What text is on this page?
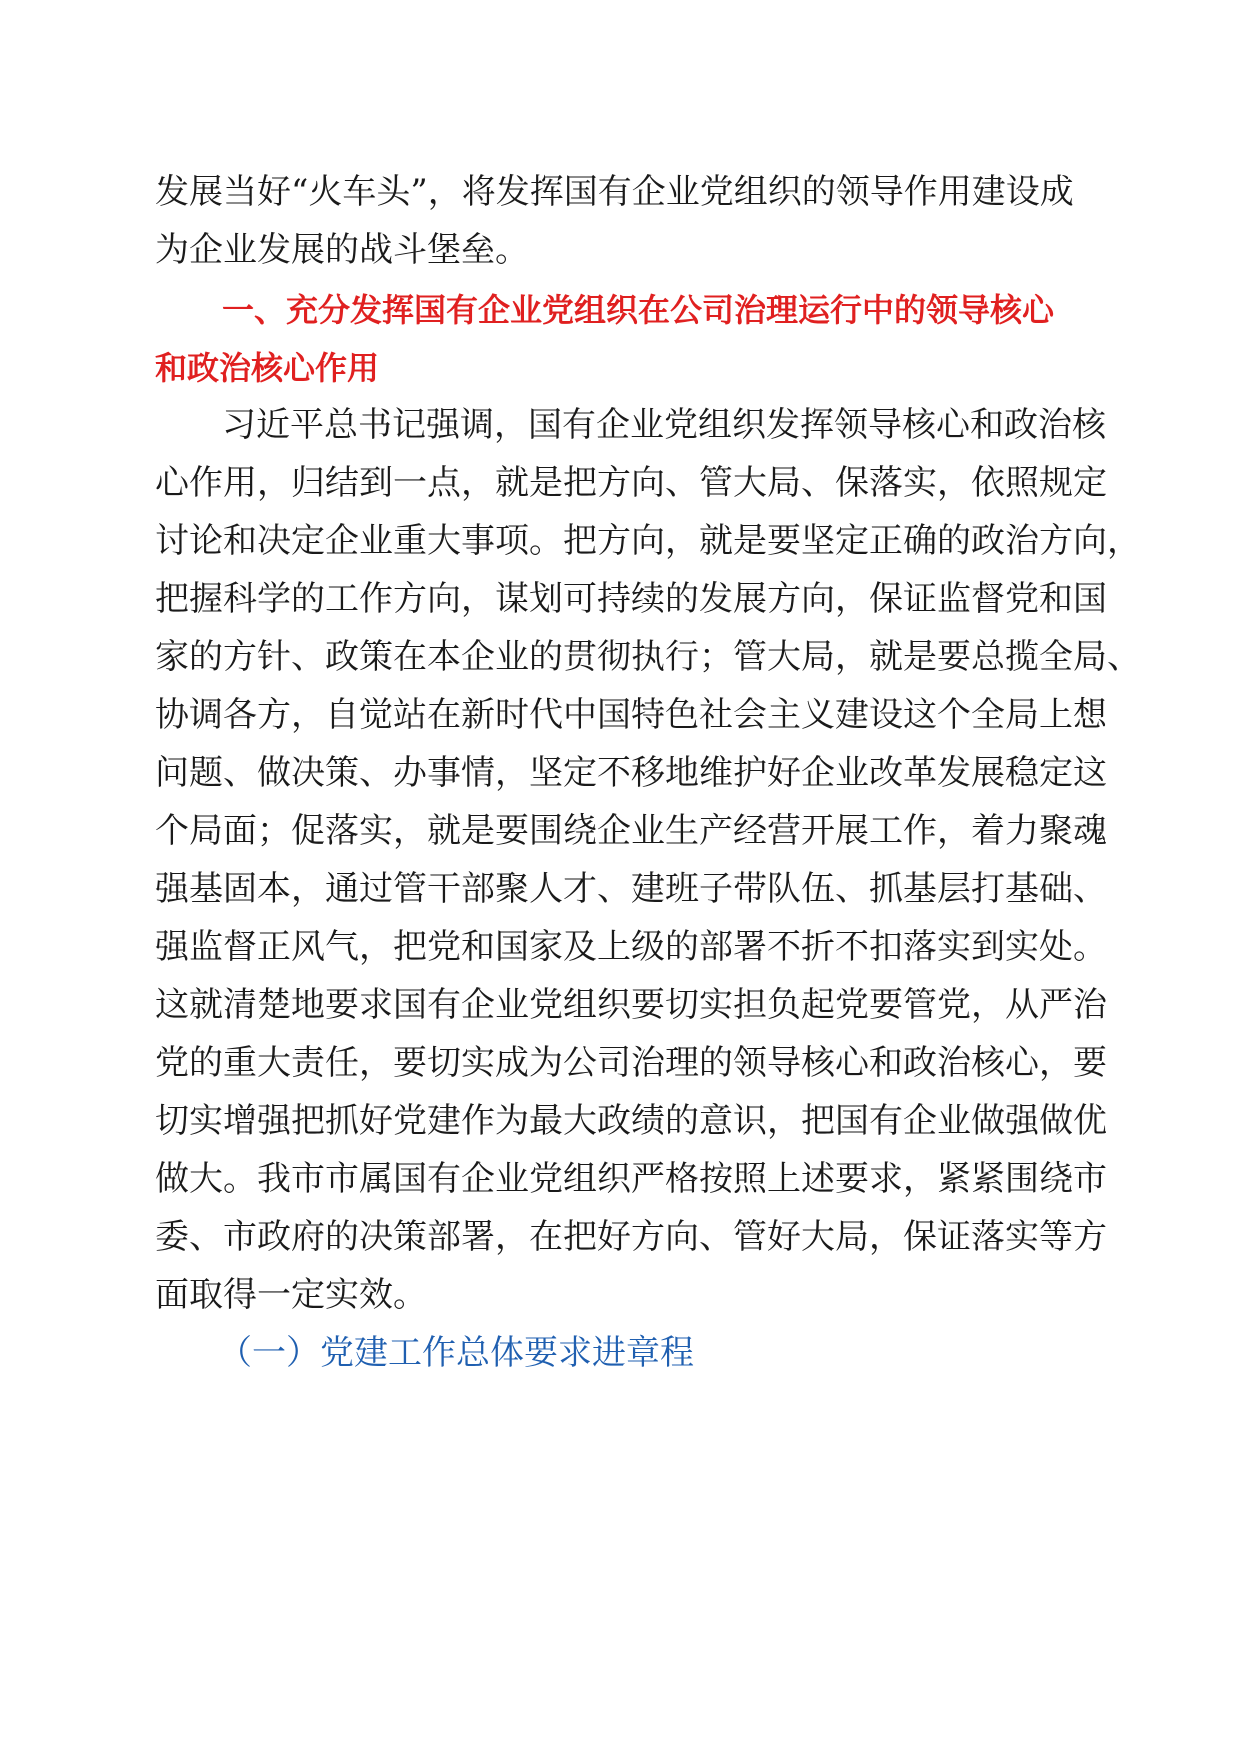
发展当好“火车头”，将发挥国有企业党组织的领导作用建设成
为企业发展的战斗堡垒。
一、充分发挥国有企业党组织在公司治理运行中的领导核心
和政治核心作用
习近平总书记强调，国有企业党组织发挥领导核心和政治核
心作用，归结到一点，就是把方向、管大局、保落实，依照规定
讨论和决定企业重大事项。把方向，就是要坚定正确的政治方向，
把握科学的工作方向，谋划可持续的发展方向，保证监督党和国
家的方针、政策在本企业的贯彻执行；管大局，就是要总揽全局、
协调各方，自觉站在新时代中国特色社会主义建设这个全局上想
问题、做决策、办事情，坚定不移地维护好企业改革发展稳定这
个局面；促落实，就是要围绕企业生产经营开展工作，着力聚魂
强基固本，通过管干部聚人才、建班子带队伍、抓基层打基础、
强监督正风气，把党和国家及上级的部署不折不扣落实到实处。
这就清楚地要求国有企业党组织要切实担负起党要管党，从严治
党的重大责任，要切实成为公司治理的领导核心和政治核心，要
切实增强把抓好党建作为最大政绩的意识，把国有企业做强做优
做大。我市市属国有企业党组织严格按照上述要求，紧紧围绕市
委、市政府的决策部署，在把好方向、管好大局，保证落实等方
面取得一定实效。
（一）党建工作总体要求进章程
